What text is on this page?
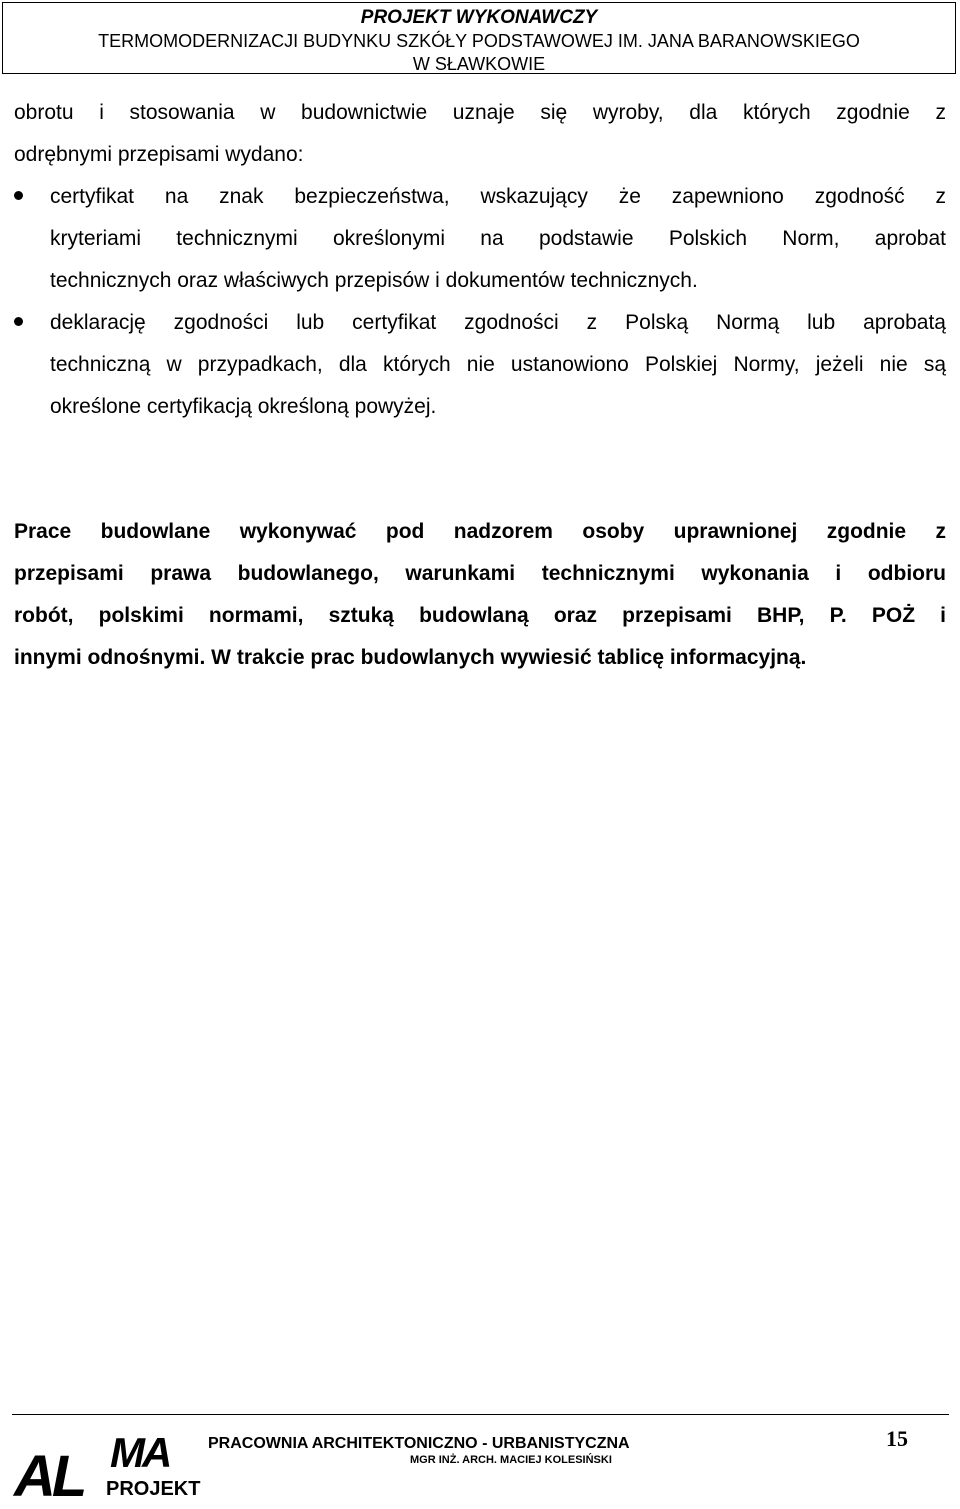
PROJEKT WYKONAWCZY
TERMOMODERNIZACJI BUDYNKU SZKÓŁY PODSTAWOWEJ IM. JANA BARANOWSKIEGO
W SŁAWKOWIE
obrotu i stosowania w budownictwie uznaje się wyroby, dla których zgodnie z
odrębnymi przepisami wydano:
certyfikat na znak bezpieczeństwa, wskazujący że zapewniono zgodność z
kryteriami technicznymi określonymi na podstawie Polskich Norm, aprobat
technicznych oraz właściwych przepisów i dokumentów technicznych.
deklarację zgodności lub certyfikat zgodności z Polską Normą lub aprobatą
techniczną w przypadkach, dla których nie ustanowiono Polskiej Normy, jeżeli nie są
określone certyfikacją określoną powyżej.
Prace budowlane wykonywać pod nadzorem osoby uprawnionej zgodnie z
przepisami prawa budowlanego, warunkami technicznymi wykonania i odbioru
robót, polskimi normami, sztuką budowlaną oraz przepisami BHP, P. POŻ i
innymi odnośnymi. W trakcie prac budowlanych wywiesić tablicę informacyjną.
AL MA
PROJEKT
PRACOWNIA ARCHITEKTONICZNO - URBANISTYCZNA
MGR INŻ. ARCH. MACIEJ KOLESIŃSKI
15
